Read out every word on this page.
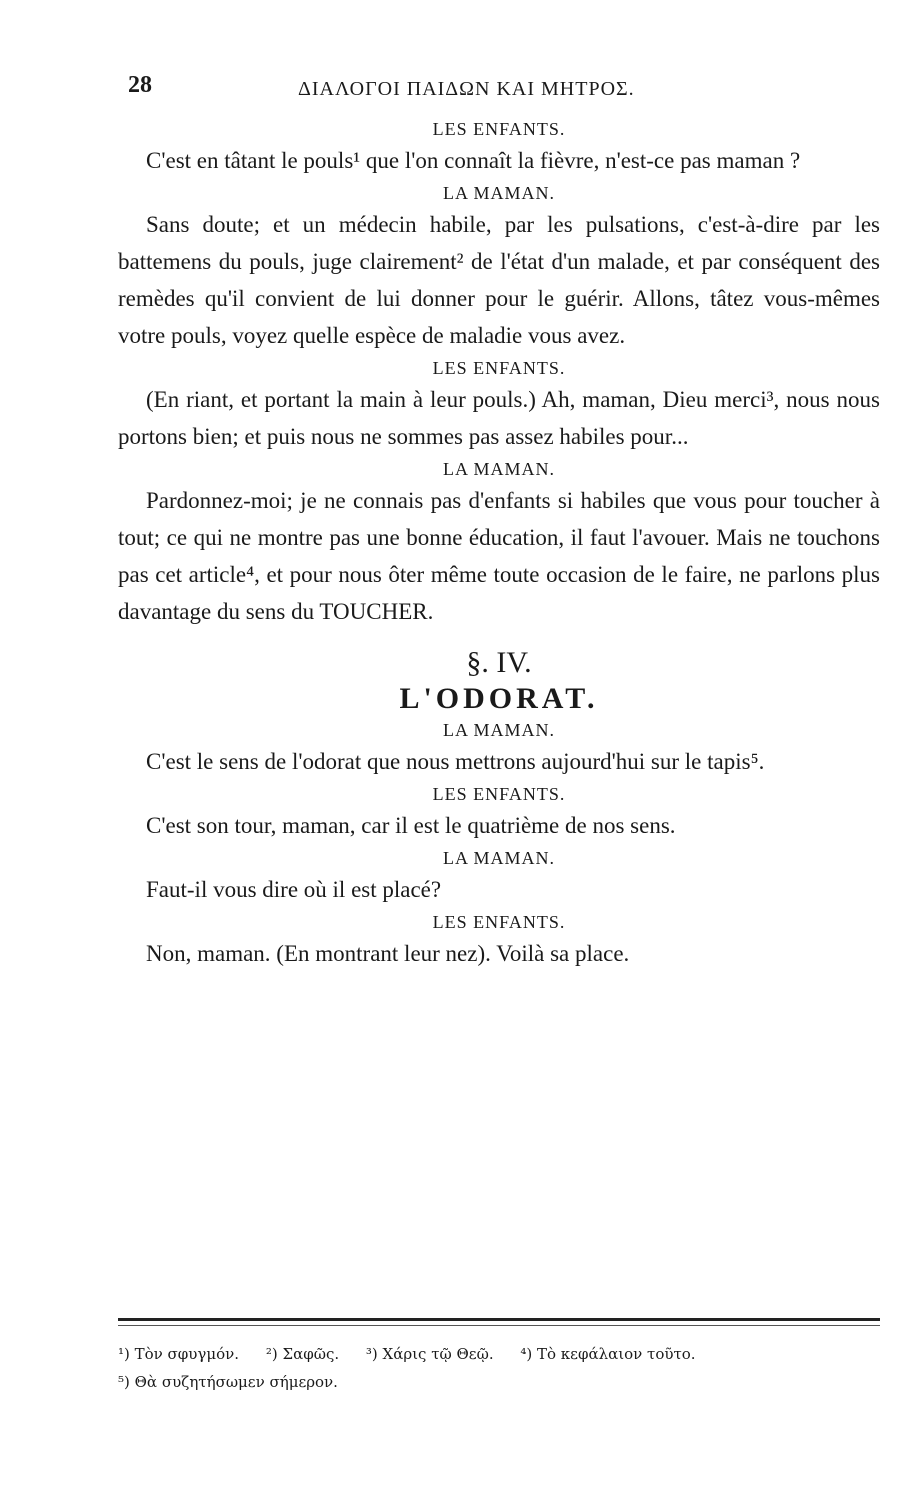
28	ΔΙΑΛΟΓΟΙ ΠΑΙΔΩΝ ΚΑΙ ΜΗΤΡΟΣ.
LES ENFANTS.

C'est en tâtant le pouls¹ que l'on connaît la fièvre, n'est-ce pas maman ?

LA MAMAN.

Sans doute; et un médecin habile, par les pulsations, c'est-à-dire par les battemens du pouls, juge clairement² de l'état d'un malade, et par conséquent des remèdes qu'il convient de lui donner pour le guérir. Allons, tâtez vous-mêmes votre pouls, voyez quelle espèce de maladie vous avez.

LES ENFANTS.

(En riant, et portant la main à leur pouls.) Ah, maman, Dieu merci³, nous nous portons bien; et puis nous ne sommes pas assez habiles pour...

LA MAMAN.

Pardonnez-moi; je ne connais pas d'enfants si habiles que vous pour toucher à tout; ce qui ne montre pas une bonne éducation, il faut l'avouer. Mais ne touchons pas cet article⁴, et pour nous ôter même toute occasion de le faire, ne parlons plus davantage du sens du TOUCHER.

§. IV.
L'ODORAT.
LA MAMAN.

C'est le sens de l'odorat que nous mettrons aujourd'hui sur le tapis⁵.

LES ENFANTS.

C'est son tour, maman, car il est le quatrième de nos sens.

LA MAMAN.

Faut-il vous dire où il est placé?

LES ENFANTS.

Non, maman. (En montrant leur nez). Voilà sa place.

¹) Τὸν σφυγμόν. ²) Σαφῶς. ³) Χάρις τῷ Θεῷ. ⁴) Τὸ κεφάλαιον τοῦτο.
⁵) Θὰ συζητήσωμεν σήμερον.
